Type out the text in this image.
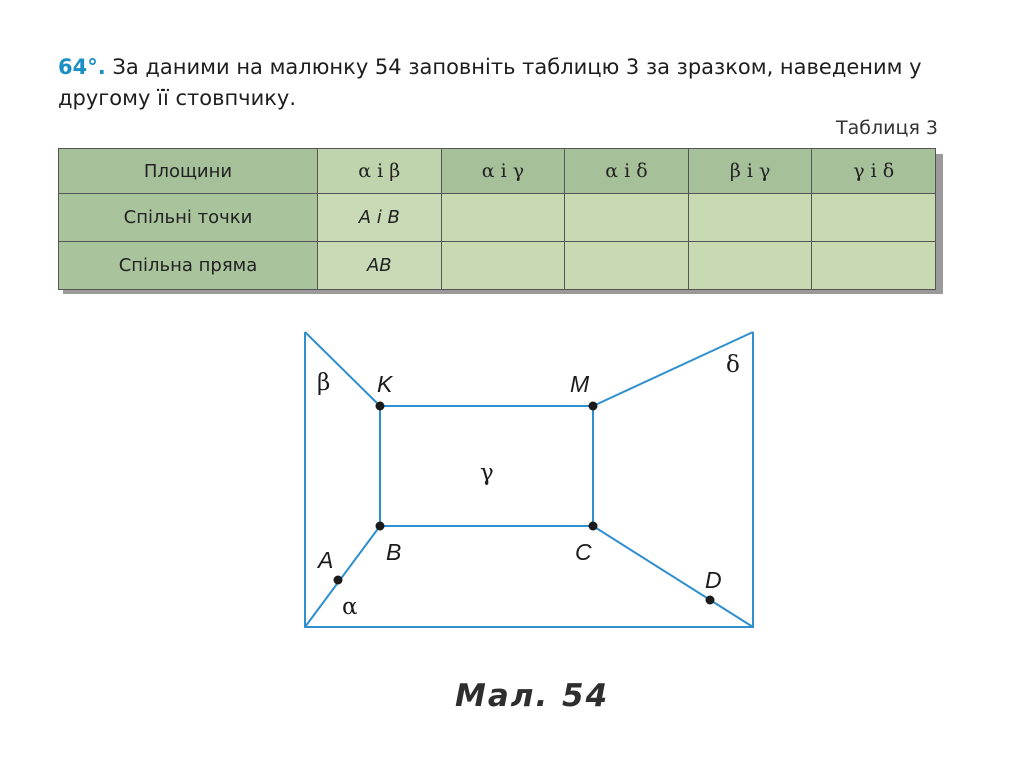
64°. За даними на малюнку 54 заповніть таблицю 3 за зразком, наведеним у другому її стовпчику.
Таблиця 3
Площини	α і β	α і γ	α і δ	β і γ	γ і δ
Спільні точки	A і B				
Спільна пряма	AB				
K	M
B	C
A
D
β
δ
γ
α
Мал. 54
